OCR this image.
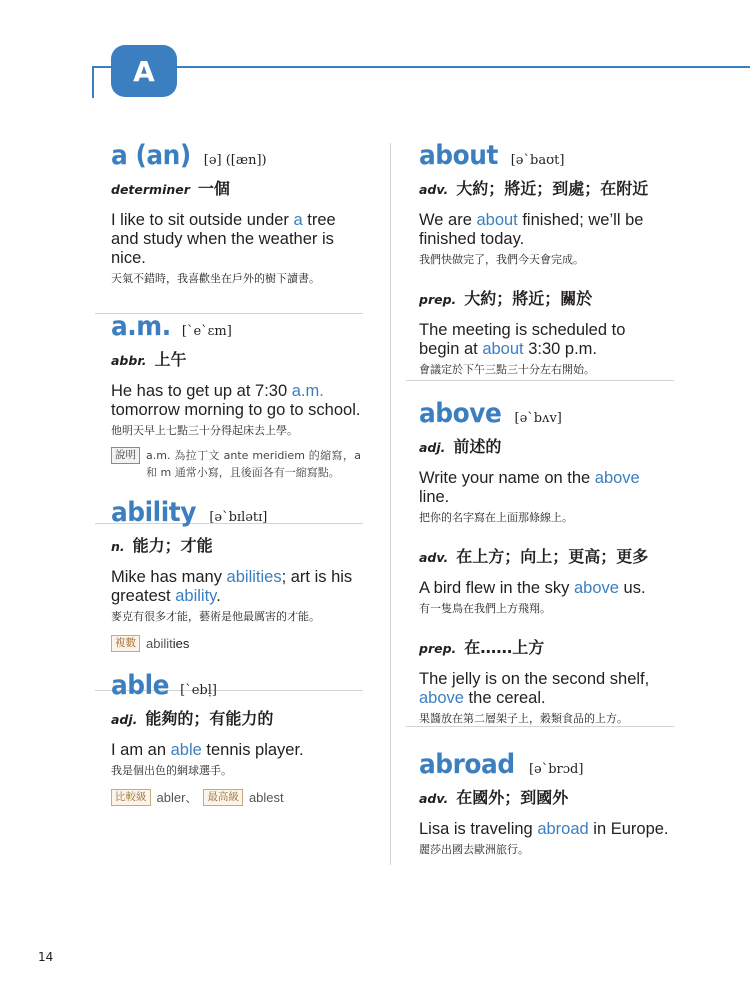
A
a (an) [ə] ([æn])
determiner 一個
I like to sit outside under a tree and study when the weather is nice.
天氣不錯時，我喜歡坐在戶外的樹下讀書。
a.m. [ˋeˋɛm]
abbr. 上午
He has to get up at 7:30 a.m. tomorrow morning to go to school.
他明天早上七點三十分得起床去上學。
說明 a.m. 為拉丁文 ante meridiem 的縮寫，a 和 m 通常小寫，且後面各有一縮寫點。
ability [əˋbɪlətɪ]
n. 能力；才能
Mike has many abilities; art is his greatest ability.
麥克有很多才能，藝術是他最厲害的才能。
複數 abilities
able [ˋebḷ]
adj. 能夠的；有能力的
I am an able tennis player.
我是個出色的網球選手。
比較級 abler 、 最高級 ablest
about [əˋbaʊt]
adv. 大約；將近；到處；在附近
We are about finished; we’ll be finished today.
我們快做完了，我們今天會完成。
prep. 大約；將近；關於
The meeting is scheduled to begin at about 3:30 p.m.
會議定於下午三點三十分左右開始。
above [əˋbʌv]
adj. 前述的
Write your name on the above line.
把你的名字寫在上面那條線上。
adv. 在上方；向上；更高；更多
A bird flew in the sky above us.
有一隻鳥在我們上方飛翔。
prep. 在……上方
The jelly is on the second shelf, above the cereal.
果醬放在第二層架子上，穀類食品的上方。
abroad [əˋbrɔd]
adv. 在國外；到國外
Lisa is traveling abroad in Europe.
麗莎出國去歐洲旅行。
14
